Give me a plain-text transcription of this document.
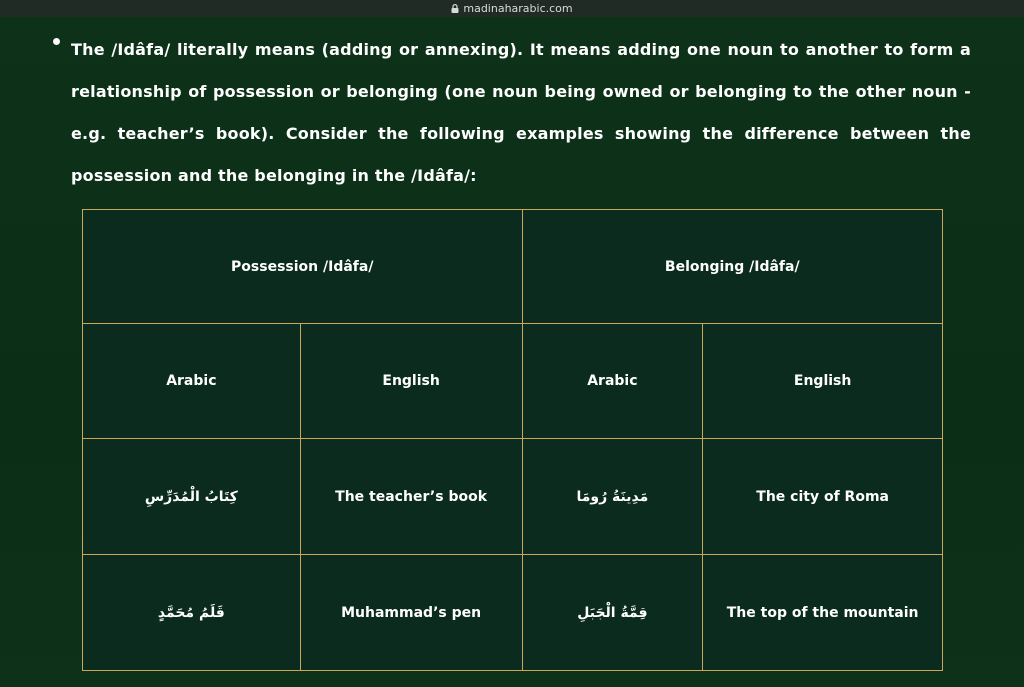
madinaharabic.com
The /Idâfa/ literally means (adding or annexing). It means adding one noun to another to form a relationship of possession or belonging (one noun being owned or belonging to the other noun - e.g. teacher’s book). Consider the following examples showing the difference between the possession and the belonging in the /Idâfa/:
Possession /Idâfa/		Belonging /Idâfa/	
Arabic	English	Arabic	English
كِتَابُ الْمُدَرِّسِ	The teacher’s book	مَدِينَةُ رُومَا	The city of Roma
قَلَمُ مُحَمَّدٍ	Muhammad’s pen	قِمَّةُ الْجَبَلِ	The top of the mountain
